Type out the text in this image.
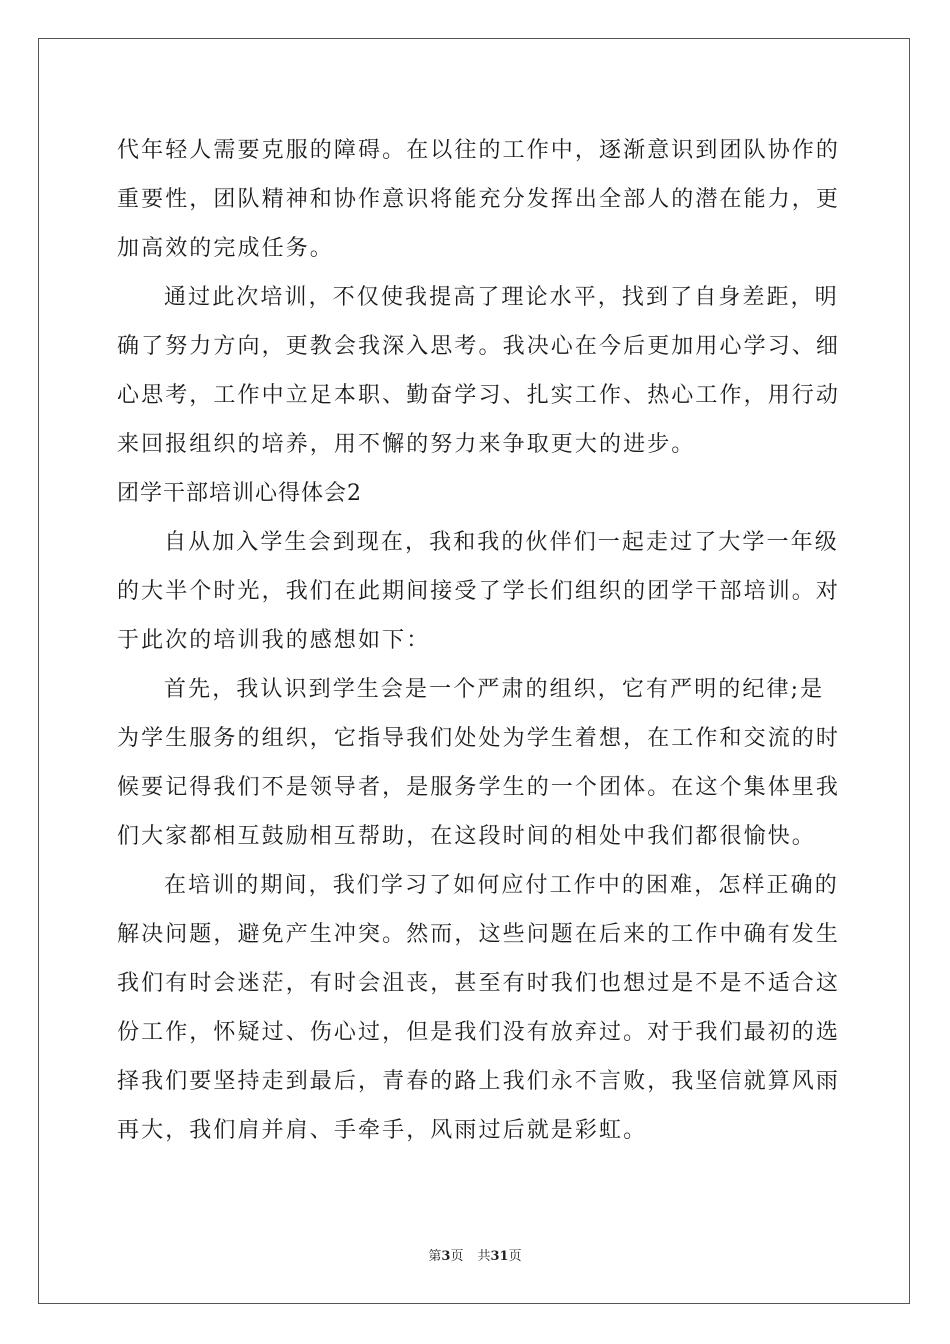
代年轻人需要克服的障碍。在以往的工作中，逐渐意识到团队协作的
重要性，团队精神和协作意识将能充分发挥出全部人的潜在能力，更
加高效的完成任务。
通过此次培训，不仅使我提高了理论水平，找到了自身差距，明
确了努力方向，更教会我深入思考。我决心在今后更加用心学习、细
心思考，工作中立足本职、勤奋学习、扎实工作、热心工作，用行动
来回报组织的培养，用不懈的努力来争取更大的进步。
团学干部培训心得体会2
自从加入学生会到现在，我和我的伙伴们一起走过了大学一年级
的大半个时光，我们在此期间接受了学长们组织的团学干部培训。对
于此次的培训我的感想如下：
首先，我认识到学生会是一个严肃的组织，它有严明的纪律;是
为学生服务的组织，它指导我们处处为学生着想，在工作和交流的时
候要记得我们不是领导者，是服务学生的一个团体。在这个集体里我
们大家都相互鼓励相互帮助，在这段时间的相处中我们都很愉快。
在培训的期间，我们学习了如何应付工作中的困难，怎样正确的
解决问题，避免产生冲突。然而，这些问题在后来的工作中确有发生
我们有时会迷茫，有时会沮丧，甚至有时我们也想过是不是不适合这
份工作，怀疑过、伤心过，但是我们没有放弃过。对于我们最初的选
择我们要坚持走到最后，青春的路上我们永不言败，我坚信就算风雨
再大，我们肩并肩、手牵手，风雨过后就是彩虹。
第3页 共31页
